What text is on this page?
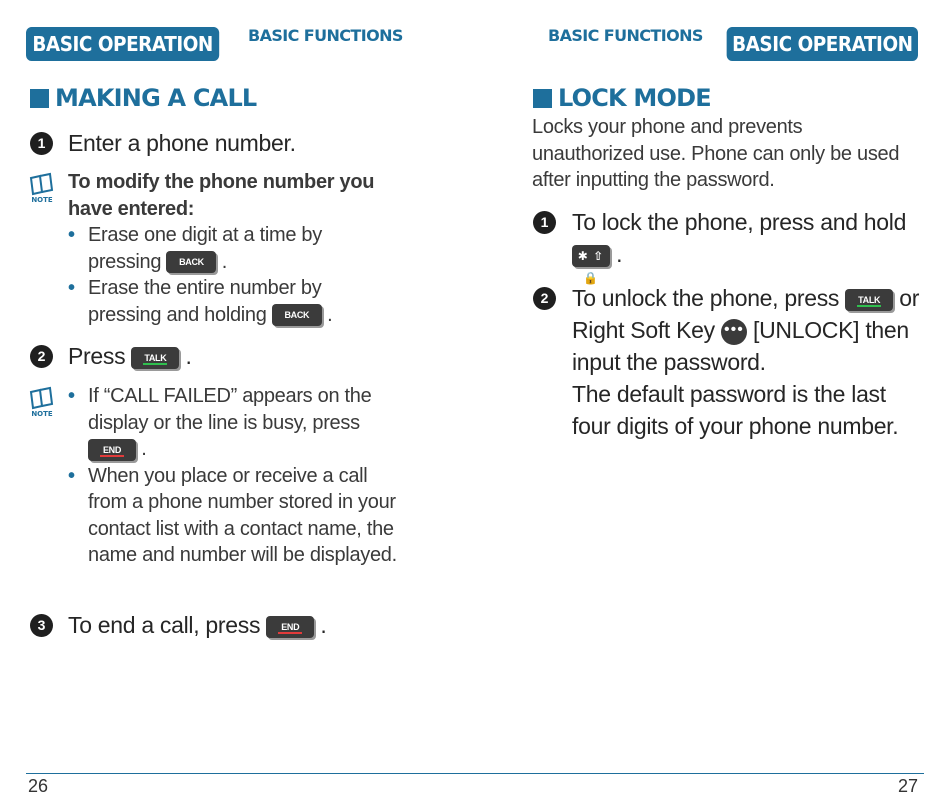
BASIC OPERATION	BASIC FUNCTIONS
MAKING A CALL
1 Enter a phone number.
NOTE
To modify the phone number you have entered:
• Erase one digit at a time by pressing BACK .
• Erase the entire number by pressing and holding BACK .
2 Press TALK
.
NOTE
• If “CALL FAILED” appears on the display or the line is busy, press END
.
• When you place or receive a call from a phone number stored in your contact list with a contact name, the name and number will be displayed.
3 To end a call, press END
.
BASIC FUNCTIONS BASIC OPERATION
LOCK MODE
Locks your phone and prevents unauthorized use. Phone can only be used after inputting the password.
1	To lock the phone, press and hold ✱ ⇧🔒 .
2	To unlock the phone, press TALK or Right Soft Key ••• [UNLOCK] then input the password.
The default password is the last four digits of your phone number.
26	27
